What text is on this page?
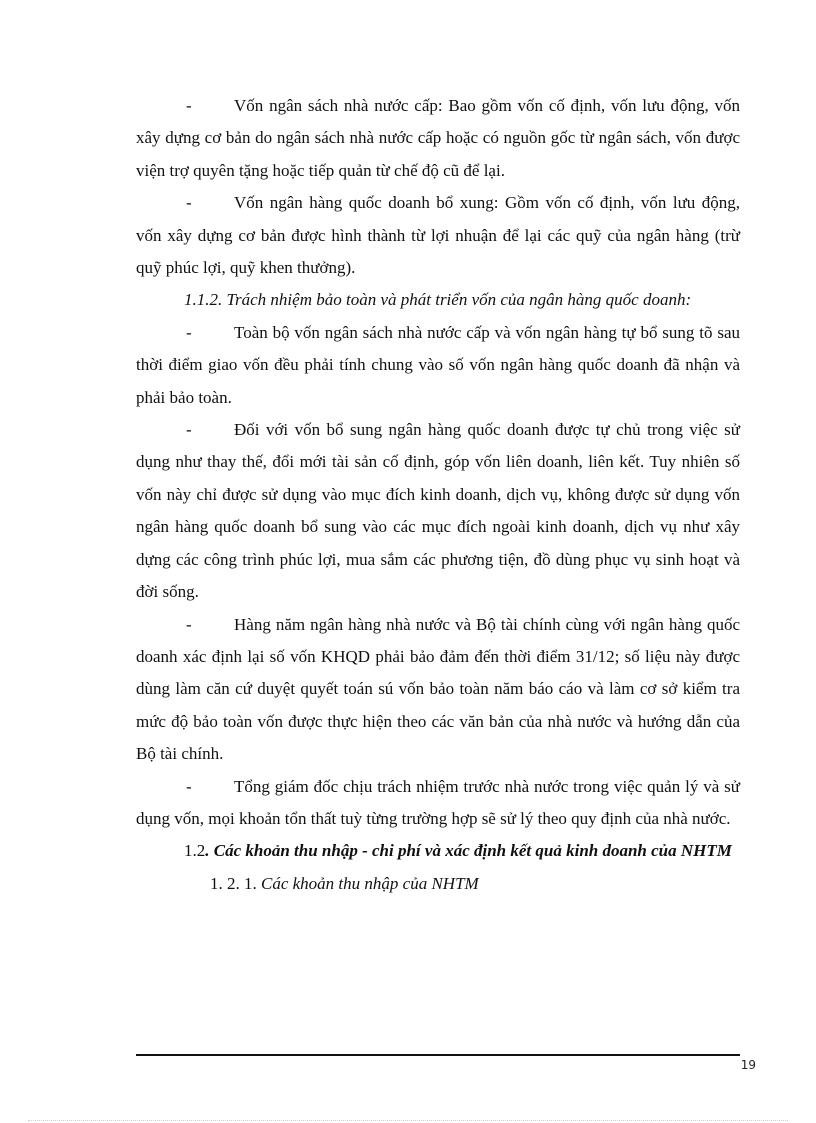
- Vốn ngân sách nhà nước cấp: Bao gồm vốn cố định, vốn lưu động, vốn xây dựng cơ bản do ngân sách nhà nước cấp hoặc có nguồn gốc từ ngân sách, vốn được viện trợ quyên tặng hoặc tiếp quản từ chế độ cũ để lại.

- Vốn ngân hàng quốc doanh bổ xung: Gồm vốn cố định, vốn lưu động, vốn xây dựng cơ bản được hình thành từ lợi nhuận để lại các quỹ của ngân hàng (trừ quỹ phúc lợi, quỹ khen thưởng).

1.1.2. Trách nhiệm bảo toàn và phát triển vốn của ngân hàng quốc doanh:

- Toàn bộ vốn ngân sách nhà nước cấp và vốn ngân hàng tự bổ sung tõ sau thời điểm giao vốn đều phải tính chung vào số vốn ngân hàng quốc doanh đã nhận và phải bảo toàn.

- Đối với vốn bổ sung ngân hàng quốc doanh được tự chủ trong việc sử dụng như thay thế, đổi mới tài sản cố định, góp vốn liên doanh, liên kết. Tuy nhiên số vốn này chỉ được sử dụng vào mục đích kinh doanh, dịch vụ, không được sử dụng vốn ngân hàng quốc doanh bổ sung vào các mục đích ngoài kinh doanh, dịch vụ như xây dựng các công trình phúc lợi, mua sắm các phương tiện, đồ dùng phục vụ sinh hoạt và đời sống.

- Hàng năm ngân hàng nhà nước và Bộ tài chính cùng với ngân hàng quốc doanh xác định lại số vốn KHQD phải bảo đảm đến thời điểm 31/12; số liệu này được dùng làm căn cứ duyệt quyết toán sú vốn bảo toàn năm báo cáo và làm cơ sở kiểm tra mức độ bảo toàn vốn được thực hiện theo các văn bản của nhà nước và hướng dẫn của Bộ tài chính.

- Tổng giám đốc chịu trách nhiệm trước nhà nước trong việc quản lý và sử dụng vốn, mọi khoản tổn thất tuỳ từng trường hợp sẽ sử lý theo quy định của nhà nước.

1.2. Các khoản thu nhập - chi phí và xác định kết quả kinh doanh của NHTM

1. 2. 1. Các khoản thu nhập của NHTM

19
